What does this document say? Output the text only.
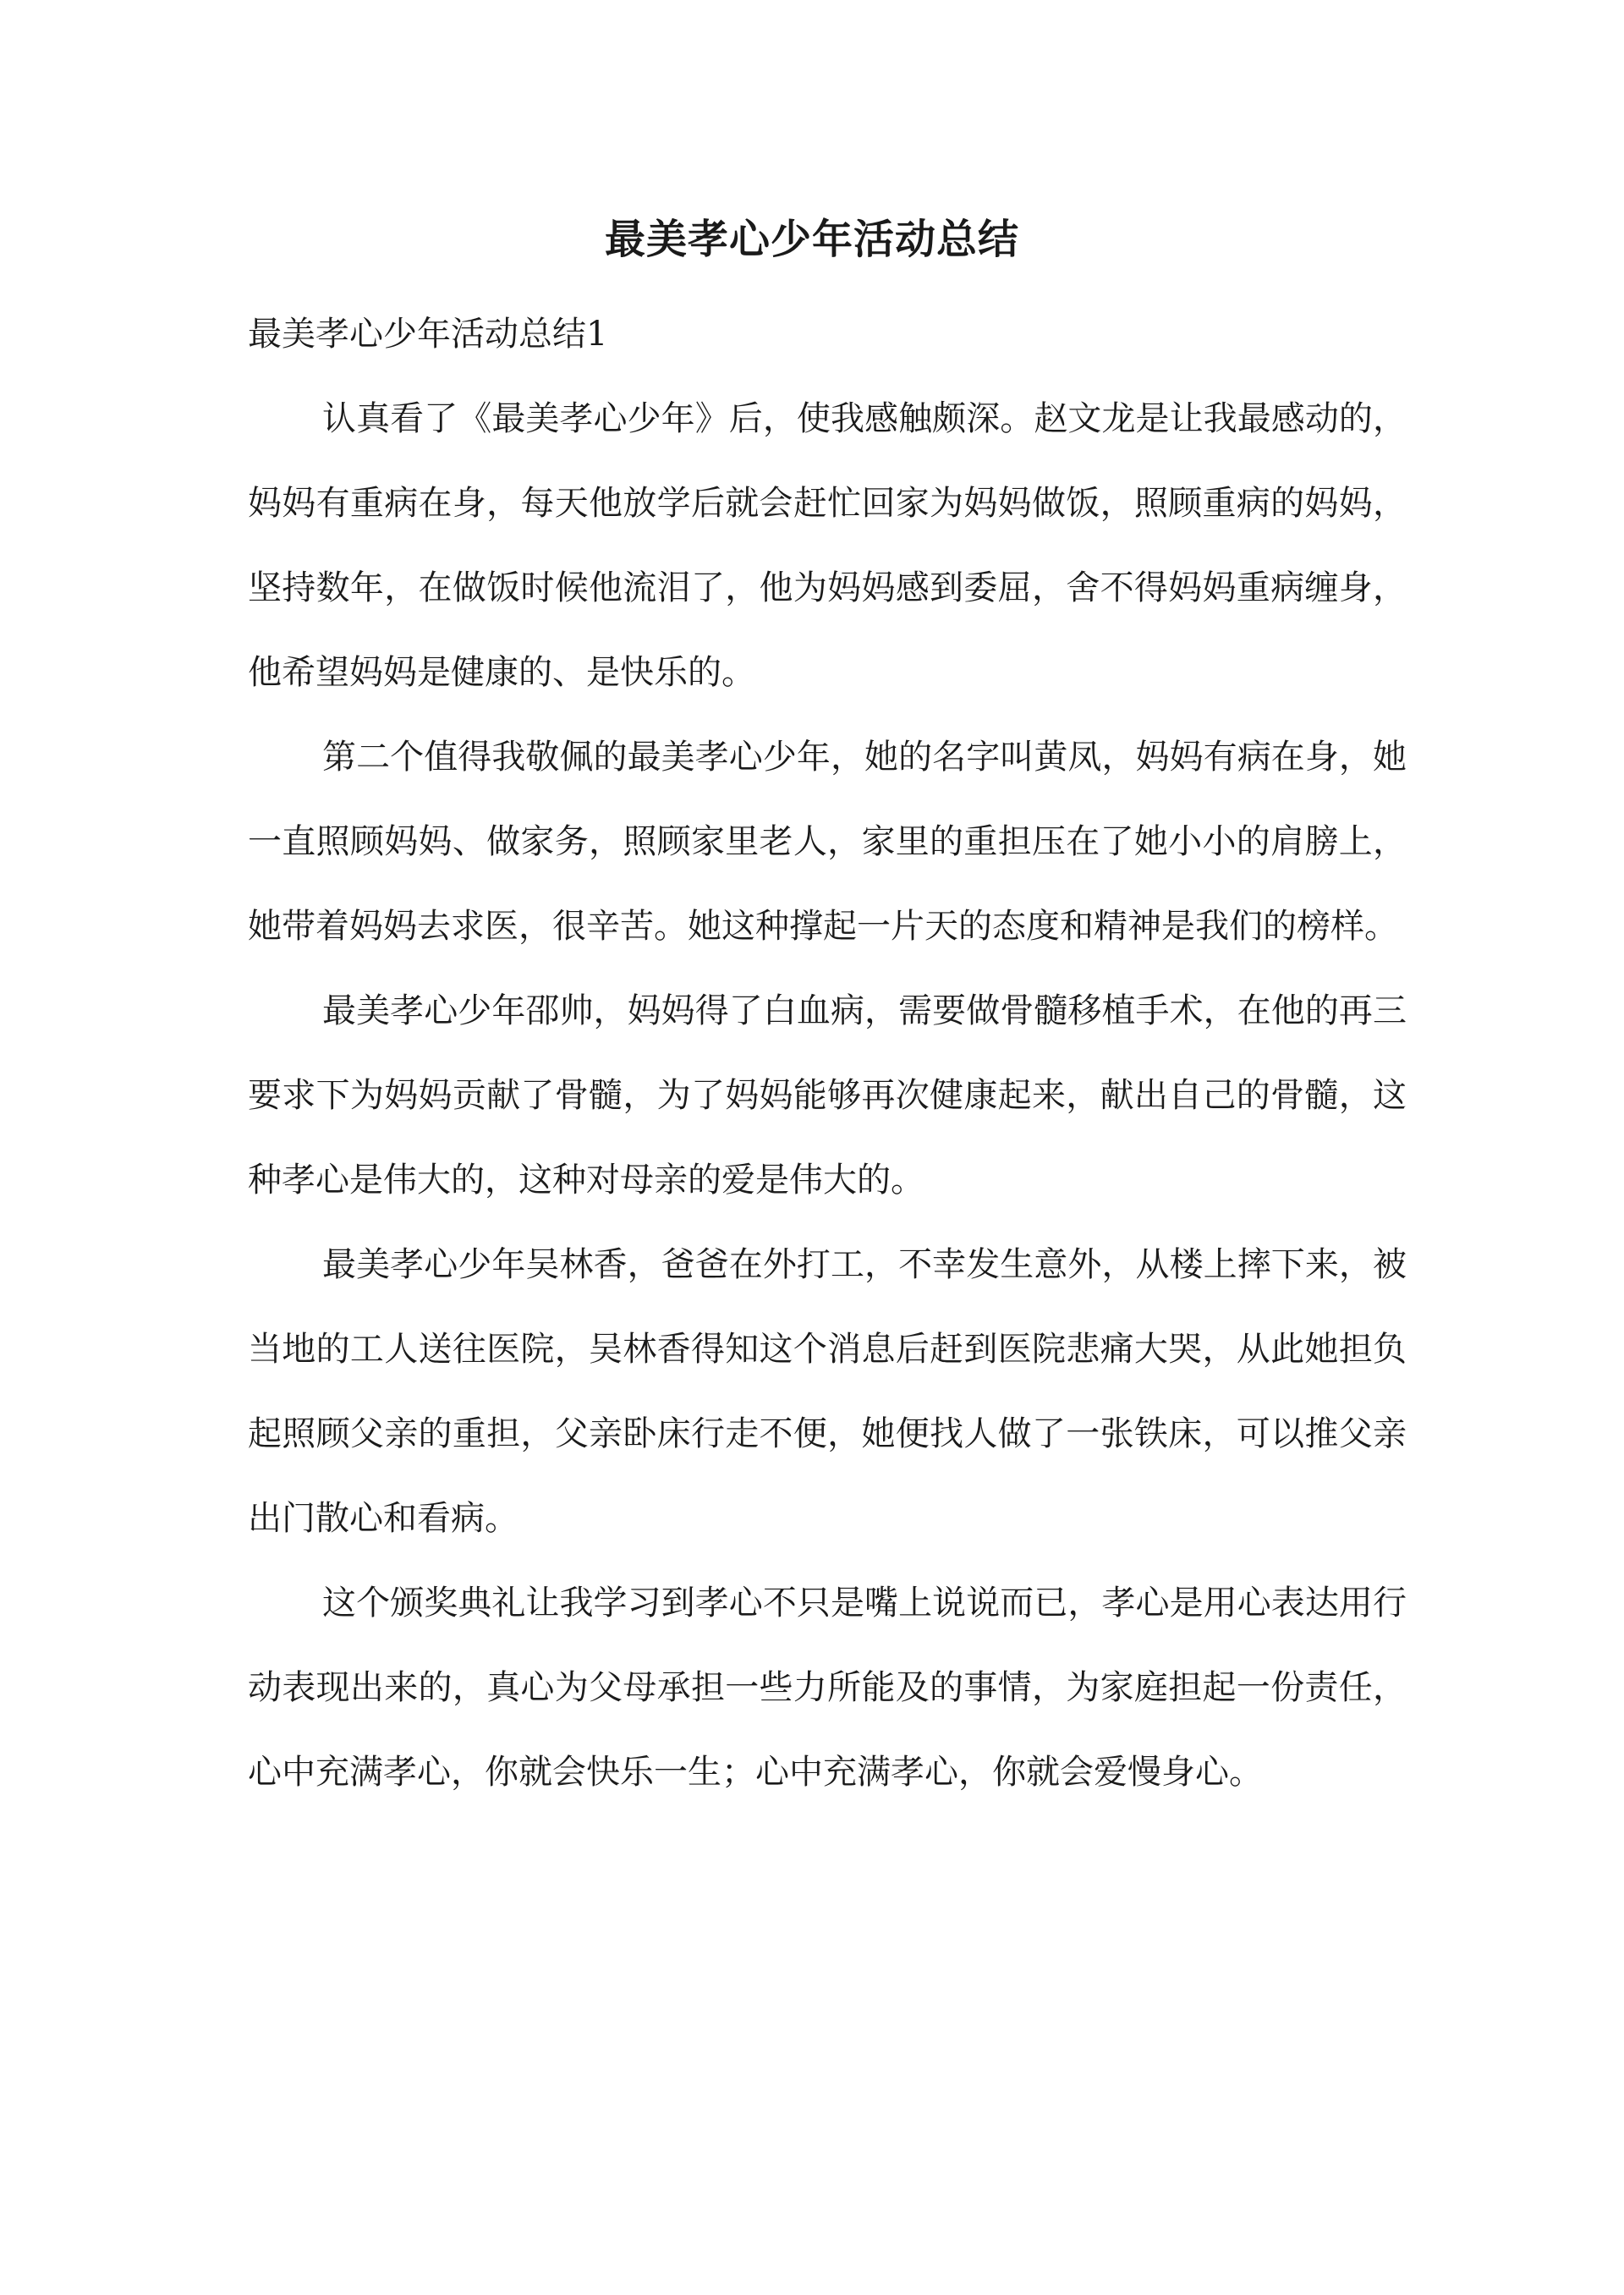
最美孝心少年活动总结

最美孝心少年活动总结1

认真看了《最美孝心少年》后，使我感触颇深。赵文龙是让我最感动的，妈妈有重病在身，每天他放学后就会赶忙回家为妈妈做饭，照顾重病的妈妈，坚持数年，在做饭时候他流泪了，他为妈妈感到委屈，舍不得妈妈重病缠身，他希望妈妈是健康的、是快乐的。

第二个值得我敬佩的最美孝心少年，她的名字叫黄凤，妈妈有病在身，她一直照顾妈妈、做家务，照顾家里老人，家里的重担压在了她小小的肩膀上，她带着妈妈去求医，很辛苦。她这种撑起一片天的态度和精神是我们的榜样。

最美孝心少年邵帅，妈妈得了白血病，需要做骨髓移植手术，在他的再三要求下为妈妈贡献了骨髓，为了妈妈能够再次健康起来，献出自己的骨髓，这种孝心是伟大的，这种对母亲的爱是伟大的。

最美孝心少年吴林香，爸爸在外打工，不幸发生意外，从楼上摔下来，被当地的工人送往医院，吴林香得知这个消息后赶到医院悲痛大哭，从此她担负起照顾父亲的重担，父亲卧床行走不便，她便找人做了一张铁床，可以推父亲出门散心和看病。

这个颁奖典礼让我学习到孝心不只是嘴上说说而已，孝心是用心表达用行动表现出来的，真心为父母承担一些力所能及的事情，为家庭担起一份责任，心中充满孝心，你就会快乐一生；心中充满孝心，你就会爱慢身心。
